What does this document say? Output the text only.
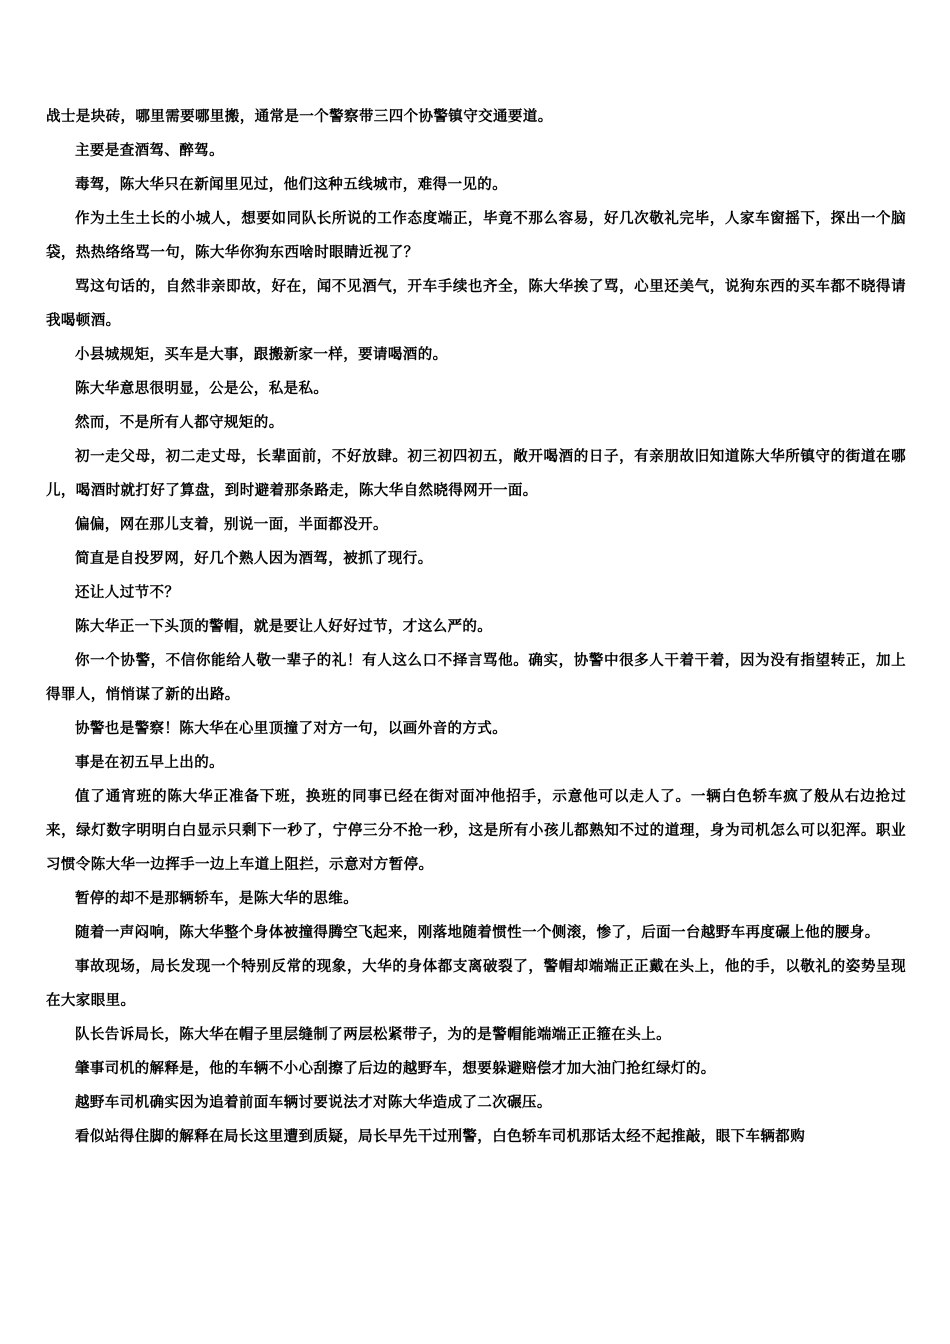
战士是块砖，哪里需要哪里搬，通常是一个警察带三四个协警镇守交通要道。

主要是查酒驾、醉驾。

毒驾，陈大华只在新闻里见过，他们这种五线城市，难得一见的。

作为土生土长的小城人，想要如同队长所说的工作态度端正，毕竟不那么容易，好几次敬礼完毕，人家车窗摇下，探出一个脑袋，热热络络骂一句，陈大华你狗东西啥时眼睛近视了？

骂这句话的，自然非亲即故，好在，闻不见酒气，开车手续也齐全，陈大华挨了骂，心里还美气，说狗东西的买车都不晓得请我喝顿酒。

小县城规矩，买车是大事，跟搬新家一样，要请喝酒的。

陈大华意思很明显，公是公，私是私。

然而，不是所有人都守规矩的。

初一走父母，初二走丈母，长辈面前，不好放肆。初三初四初五，敞开喝酒的日子，有亲朋故旧知道陈大华所镇守的街道在哪儿，喝酒时就打好了算盘，到时避着那条路走，陈大华自然晓得网开一面。

偏偏，网在那儿支着，别说一面，半面都没开。

简直是自投罗网，好几个熟人因为酒驾，被抓了现行。

还让人过节不？

陈大华正一下头顶的警帽，就是要让人好好过节，才这么严的。

你一个协警，不信你能给人敬一辈子的礼！有人这么口不择言骂他。确实，协警中很多人干着干着，因为没有指望转正，加上得罪人，悄悄谋了新的出路。

协警也是警察！陈大华在心里顶撞了对方一句，以画外音的方式。

事是在初五早上出的。

值了通宵班的陈大华正准备下班，换班的同事已经在街对面冲他招手，示意他可以走人了。一辆白色轿车疯了般从右边抢过来，绿灯数字明明白白显示只剩下一秒了，宁停三分不抢一秒，这是所有小孩儿都熟知不过的道理，身为司机怎么可以犯浑。职业习惯令陈大华一边挥手一边上车道上阻拦，示意对方暂停。

暂停的却不是那辆轿车，是陈大华的思维。

随着一声闷响，陈大华整个身体被撞得腾空飞起来，刚落地随着惯性一个侧滚，惨了，后面一台越野车再度碾上他的腰身。

事故现场，局长发现一个特别反常的现象，大华的身体都支离破裂了，警帽却端端正正戴在头上，他的手，以敬礼的姿势呈现在大家眼里。

队长告诉局长，陈大华在帽子里层缝制了两层松紧带子，为的是警帽能端端正正箍在头上。

肇事司机的解释是，他的车辆不小心刮擦了后边的越野车，想要躲避赔偿才加大油门抢红绿灯的。

越野车司机确实因为追着前面车辆讨要说法才对陈大华造成了二次碾压。

看似站得住脚的解释在局长这里遭到质疑，局长早先干过刑警，白色轿车司机那话太经不起推敲，眼下车辆都购
